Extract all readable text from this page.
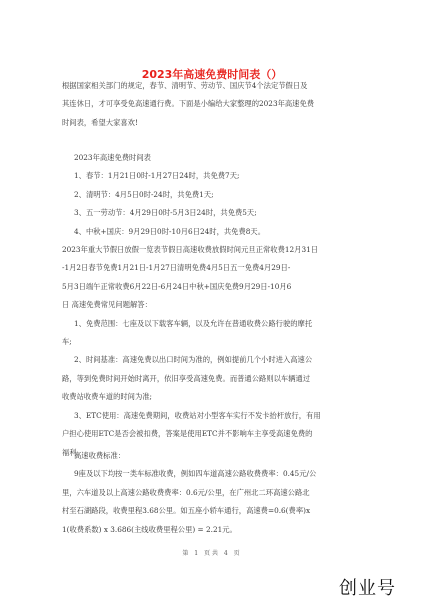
2023年高速免费时间表（）

根据国家相关部门的规定，春节、清明节、劳动节、国庆节4个法定节假日及

其连休日，才可享受免高速通行费。下面是小编给大家整理的2023年高速免费

时间表，希望大家喜欢!

2023年高速免费时间表

1、春节：1月21日0时-1月27日24时，共免费7天;

2、清明节：4月5日0时-24时，共免费1天;

3、五一劳动节：4月29日0时-5月3日24时，共免费5天;

4、中秋+国庆：9月29日0时-10月6日24时，共免费8天。

2023年重大节假日放假一览表节假日高速收费放假时间元旦正常收费12月31日

-1月2日春节免费1月21日-1月27日清明免费4月5日五一免费4月29日-

5月3日端午正常收费6月22日-6月24日中秋+国庆免费9月29日-10月6

日 高速免费常见问题解答：

1、免费范围：七座及以下载客车辆，以及允许在普通收费公路行驶的摩托

车;

2、时间基准：高速免费以出口时间为准的，例如提前几个小时进入高速公

路，等到免费时间开始时离开，依旧享受高速免费。而普通公路则以车辆通过

收费站收费车道的时间为准;

3、ETC使用：高速免费期间，收费站对小型客车实行不发卡抬杆放行，有用

户担心使用ETC是否会被扣费，答案是使用ETC并不影响车主享受高速免费的

福利。

高速收费标准：

9座及以下均按一类车标准收费，例如四车道高速公路收费费率：0.45元/公

里，六车道及以上高速公路收费费率：0.6元/公里，在广州北二环高速公路北

村至石湖路段，收费里程3.68公里。如五座小轿车通行，高速费=0.6(费率)x

1(收费系数) x 3.686(主线收费里程公里) = 2.21元。

第 1 页共 4 页
创业号
